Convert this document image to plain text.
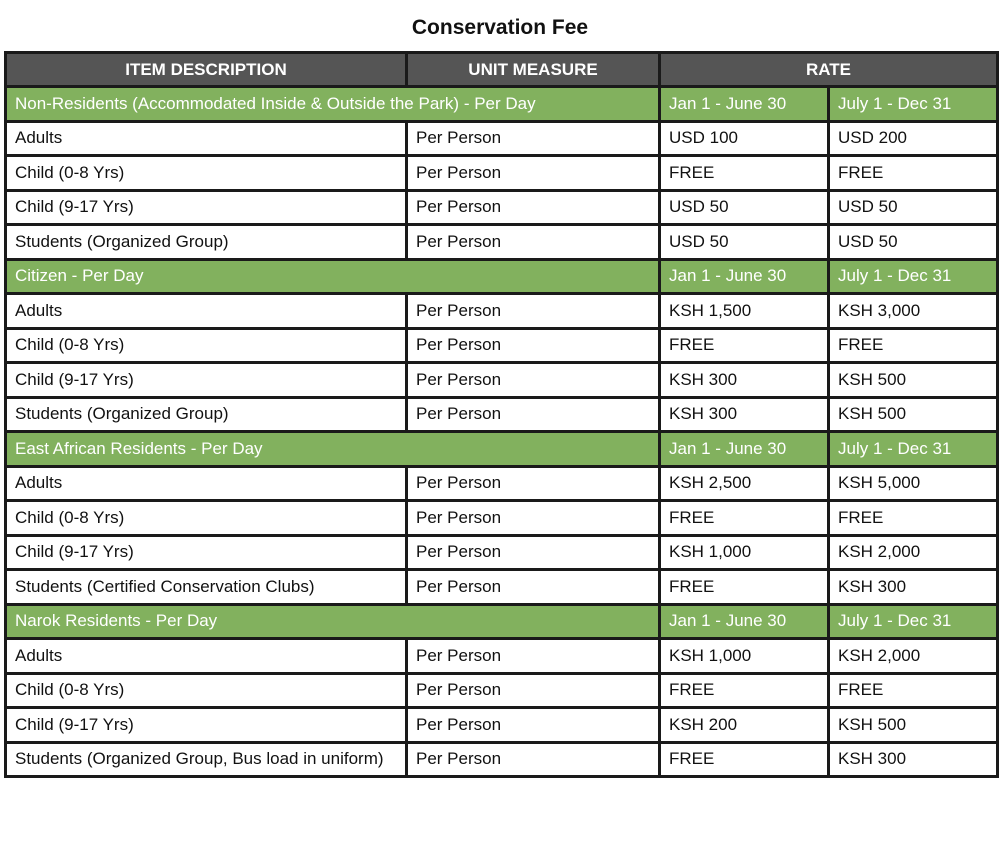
Conservation Fee
ITEM DESCRIPTION	UNIT MEASURE	RATE	
Non-Residents (Accommodated Inside & Outside the Park) - Per Day		Jan 1 - June 30	July 1 - Dec 31
Adults	Per Person	USD 100	USD 200
Child (0-8 Yrs)	Per Person	FREE	FREE
Child (9-17 Yrs)	Per Person	USD 50	USD 50
Students (Organized Group)	Per Person	USD 50	USD 50
Citizen - Per Day		Jan 1 - June 30	July 1 - Dec 31
Adults	Per Person	KSH 1,500	KSH 3,000
Child (0-8 Yrs)	Per Person	FREE	FREE
Child (9-17 Yrs)	Per Person	KSH 300	KSH 500
Students (Organized Group)	Per Person	KSH 300	KSH 500
East African Residents - Per Day		Jan 1 - June 30	July 1 - Dec 31
Adults	Per Person	KSH 2,500	KSH 5,000
Child (0-8 Yrs)	Per Person	FREE	FREE
Child (9-17 Yrs)	Per Person	KSH 1,000	KSH 2,000
Students (Certified Conservation Clubs)	Per Person	FREE	KSH 300
Narok Residents - Per Day		Jan 1 - June 30	July 1 - Dec 31
Adults	Per Person	KSH 1,000	KSH 2,000
Child (0-8 Yrs)	Per Person	FREE	FREE
Child (9-17 Yrs)	Per Person	KSH 200	KSH 500
Students (Organized Group, Bus load in uniform)	Per Person	FREE	KSH 300
